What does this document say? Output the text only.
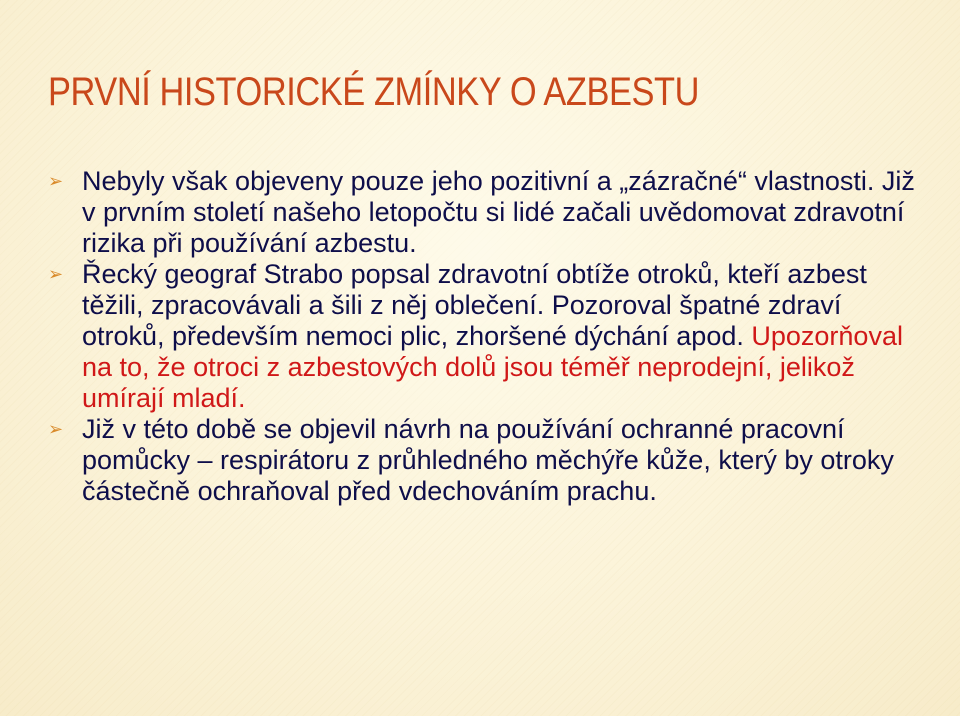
PRVNÍ HISTORICKÉ ZMÍNKY O AZBESTU
➢ Nebyly však objeveny pouze jeho pozitivní a „zázračné“ vlastnosti. Již v prvním století našeho letopočtu si lidé začali uvědomovat zdravotní rizika při používání azbestu.
➢ Řecký geograf Strabo popsal zdravotní obtíže otroků, kteří azbest těžili, zpracovávali a šili z něj oblečení. Pozoroval špatné zdraví otroků, především nemoci plic, zhoršené dýchání apod. Upozorňoval na to, že otroci z azbestových dolů jsou téměř neprodejní, jelikož umírají mladí.
➢ Již v této době se objevil návrh na používání ochranné pracovní pomůcky – respirátoru z průhledného měchýře kůže, který by otroky částečně ochraňoval před vdechováním prachu.
